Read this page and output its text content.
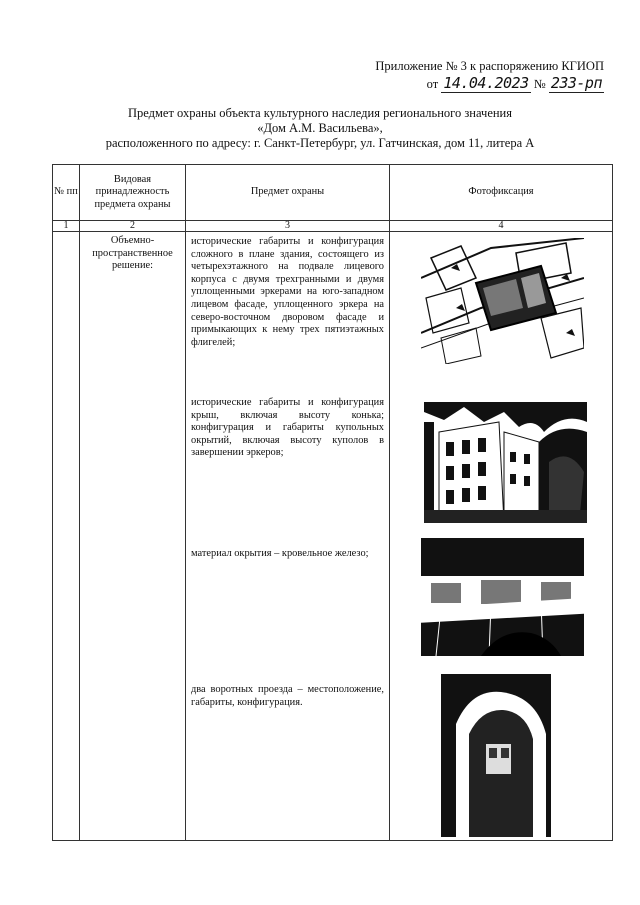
Приложение № 3 к распоряжению КГИОП
от 14.04.2023 № 233-рп
Предмет охраны объекта культурного наследия регионального значения
«Дом А.М. Васильева»,
расположенного по адресу: г. Санкт-Петербург, ул. Гатчинская, дом 11, литера А
№ пп	Видовая принадлежность предмета охраны	Предмет охраны	Фотофиксация
1	2	3	4
	Объемно-пространственное решение:	исторические габариты и конфигурация сложного в плане здания, состоящего из четырехэтажного на подвале лицевого корпуса с двумя трехгранными и двумя уплощенными эркерами на юго-западном лицевом фасаде, уплощенного эркера на северо-восточном дворовом фасаде и примыкающих к нему трех пятиэтажных флигелей;
исторические габариты и конфигурация крыш, включая высоту конька; конфигурация и габариты купольных окрытий, включая высоту куполов в завершении эркеров;
материал окрытия – кровельное железо;
два воротных проезда – местоположение, габариты, конфигурация.
